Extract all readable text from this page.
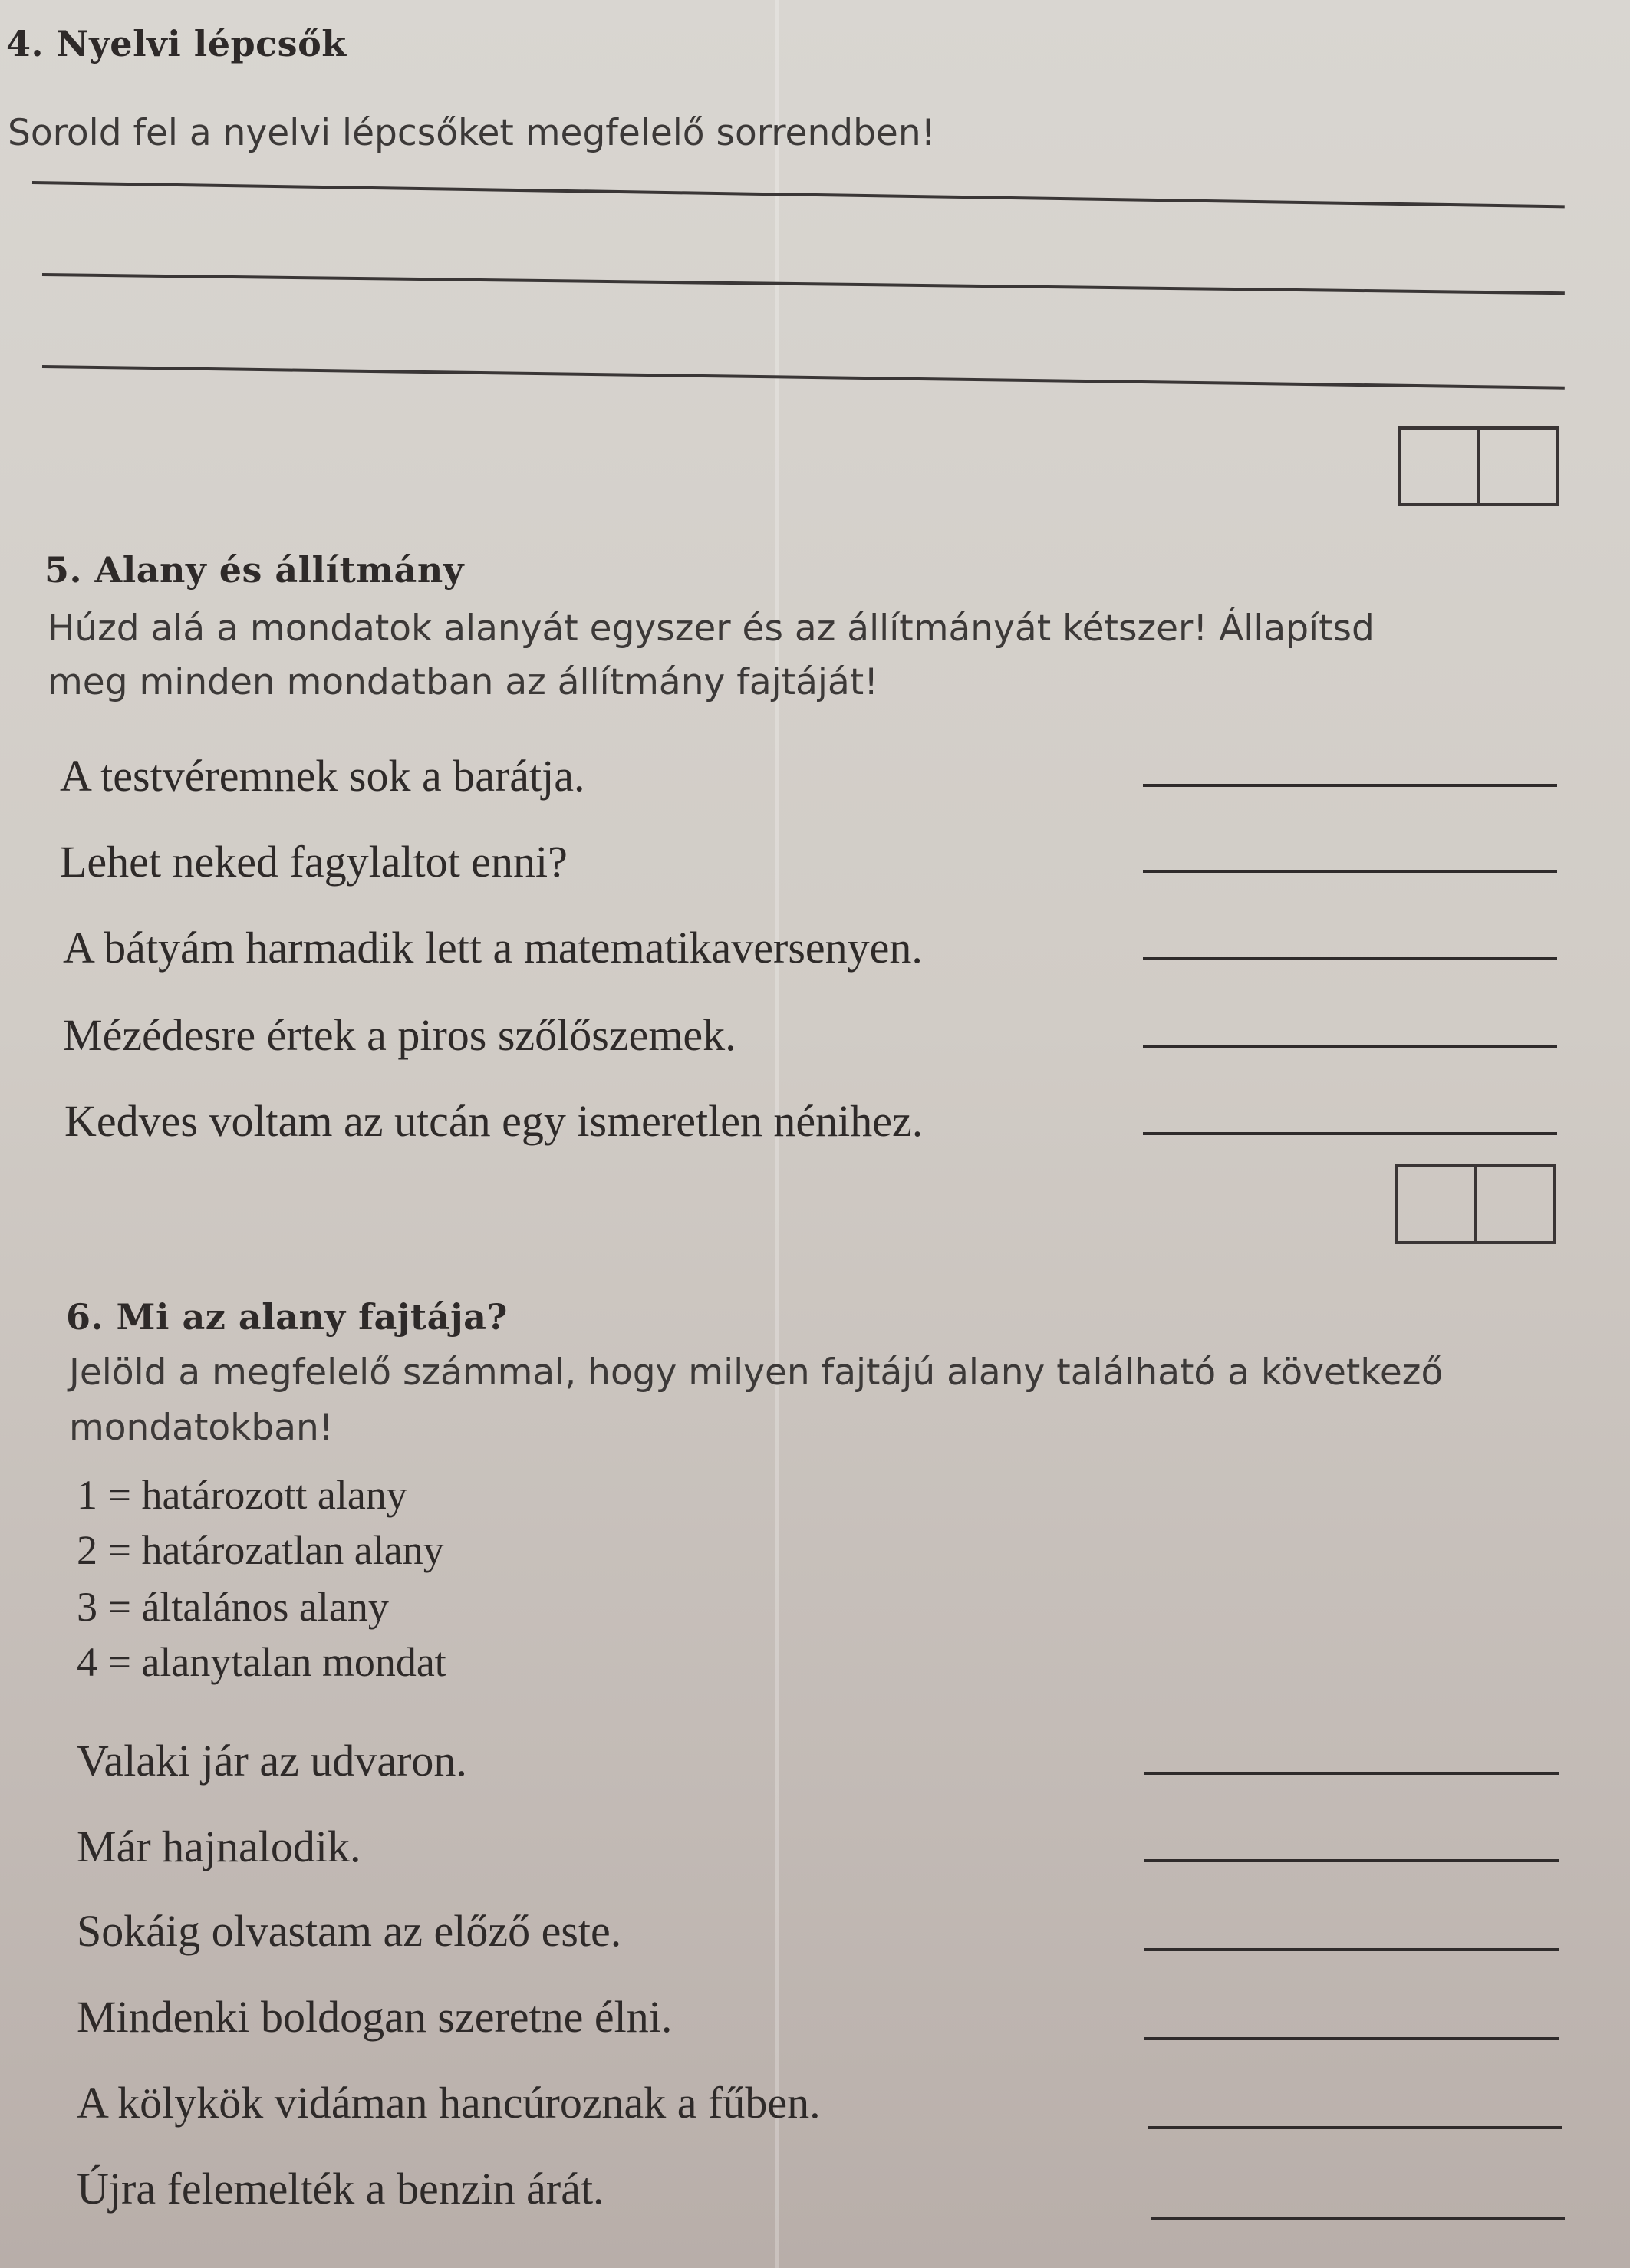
4. Nyelvi lépcsők
Sorold fel a nyelvi lépcsőket megfelelő sorrendben!
5. Alany és állítmány
Húzd alá a mondatok alanyát egyszer és az állítmányát kétszer! Állapítsd
meg minden mondatban az állítmány fajtáját!
A testvéremnek sok a barátja.
Lehet neked fagylaltot enni?
A bátyám harmadik lett a matematikaversenyen.
Mézédesre értek a piros szőlőszemek.
Kedves voltam az utcán egy ismeretlen nénihez.
6. Mi az alany fajtája?
Jelöld a megfelelő számmal, hogy milyen fajtájú alany található a következő
mondatokban!
1 = határozott alany
2 = határozatlan alany
3 = általános alany
4 = alanytalan mondat
Valaki jár az udvaron.
Már hajnalodik.
Sokáig olvastam az előző este.
Mindenki boldogan szeretne élni.
A kölykök vidáman hancúroznak a fűben.
Újra felemelték a benzin árát.
